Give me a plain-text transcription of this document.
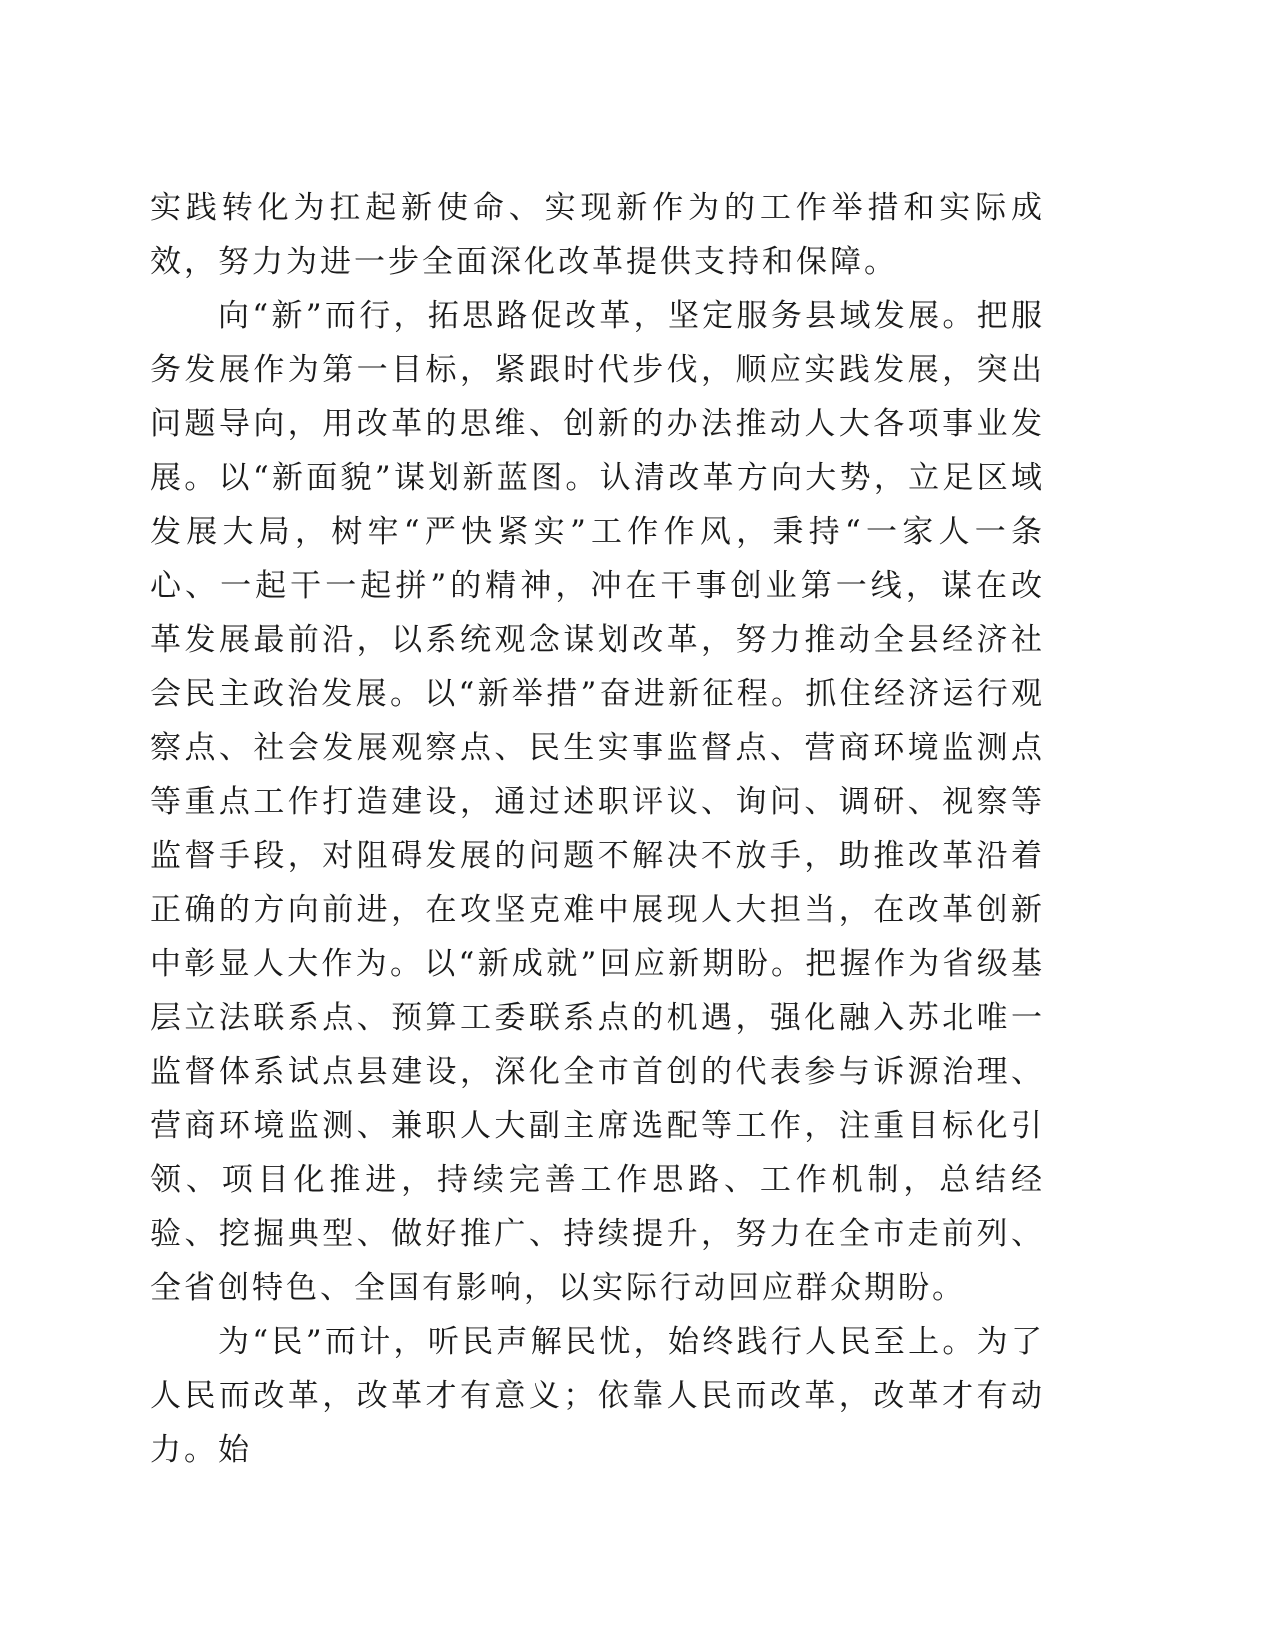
实践转化为扛起新使命、实现新作为的工作举措和实际成效，努力为进一步全面深化改革提供支持和保障。

向“新”而行，拓思路促改革，坚定服务县域发展。把服务发展作为第一目标，紧跟时代步伐，顺应实践发展，突出问题导向，用改革的思维、创新的办法推动人大各项事业发展。以“新面貌”谋划新蓝图。认清改革方向大势，立足区域发展大局，树牢“严快紧实”工作作风，秉持“一家人一条心、一起干一起拼”的精神，冲在干事创业第一线，谋在改革发展最前沿，以系统观念谋划改革，努力推动全县经济社会民主政治发展。以“新举措”奋进新征程。抓住经济运行观察点、社会发展观察点、民生实事监督点、营商环境监测点等重点工作打造建设，通过述职评议、询问、调研、视察等监督手段，对阻碍发展的问题不解决不放手，助推改革沿着正确的方向前进，在攻坚克难中展现人大担当，在改革创新中彰显人大作为。以“新成就”回应新期盼。把握作为省级基层立法联系点、预算工委联系点的机遇，强化融入苏北唯一监督体系试点县建设，深化全市首创的代表参与诉源治理、营商环境监测、兼职人大副主席选配等工作，注重目标化引领、项目化推进，持续完善工作思路、工作机制，总结经验、挖掘典型、做好推广、持续提升，努力在全市走前列、全省创特色、全国有影响，以实际行动回应群众期盼。

为“民”而计，听民声解民忧，始终践行人民至上。为了人民而改革，改革才有意义；依靠人民而改革，改革才有动力。始
